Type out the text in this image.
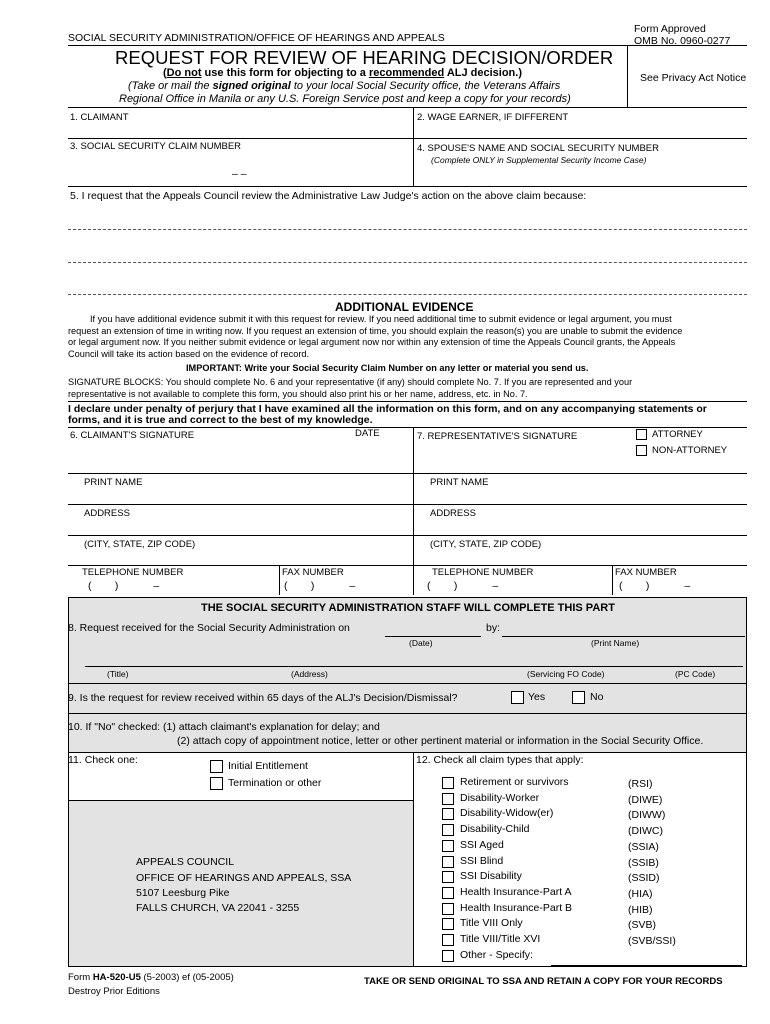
SOCIAL SECURITY ADMINISTRATION/OFFICE OF HEARINGS AND APPEALS
Form Approved
OMB No. 0960-0277
REQUEST FOR REVIEW OF HEARING DECISION/ORDER
(Do not use this form for objecting to a recommended ALJ decision.)
(Take or mail the signed original to your local Social Security office, the Veterans Affairs
Regional Office in Manila or any U.S. Foreign Service post and keep a copy for your records)
See Privacy Act Notice
1. CLAIMANT	2. WAGE EARNER, IF DIFFERENT
3. SOCIAL SECURITY CLAIM NUMBER
– –
4. SPOUSE'S NAME AND SOCIAL SECURITY NUMBER
(Complete ONLY in Supplemental Security Income Case)
5. I request that the Appeals Council review the Administrative Law Judge's action on the above claim because:
ADDITIONAL EVIDENCE
If you have additional evidence submit it with this request for review. If you need additional time to submit evidence or legal argument, you must
request an extension of time in writing now. If you request an extension of time, you should explain the reason(s) you are unable to submit the evidence
or legal argument now. If you neither submit evidence or legal argument now nor within any extension of time the Appeals Council grants, the Appeals
Council will take its action based on the evidence of record.
IMPORTANT: Write your Social Security Claim Number on any letter or material you send us.
SIGNATURE BLOCKS: You should complete No. 6 and your representative (if any) should complete No. 7. If you are represented and your
representative is not available to complete this form, you should also print his or her name, address, etc. in No. 7.
I declare under penalty of perjury that I have examined all the information on this form, and on any accompanying statements or
forms, and it is true and correct to the best of my knowledge.
6. CLAIMANT'S SIGNATURE	DATE	7. REPRESENTATIVE'S SIGNATURE	ATTORNEY
NON-ATTORNEY
PRINT NAME	PRINT NAME
ADDRESS	ADDRESS
(CITY, STATE, ZIP CODE)	(CITY, STATE, ZIP CODE)
TELEPHONE NUMBER	FAX NUMBER	TELEPHONE NUMBER	FAX NUMBER
(        )            –	(        )            –	(        )            –	(        )            –
THE SOCIAL SECURITY ADMINISTRATION STAFF WILL COMPLETE THIS PART
8. Request received for the Social Security Administration on	by:
(Date)	(Print Name)
(Title)	(Address)	(Servicing FO Code)	(PC Code)
9. Is the request for review received within 65 days of the ALJ's Decision/Dismissal?	Yes	No
10. If "No" checked: (1) attach claimant's explanation for delay; and
(2) attach copy of appointment notice, letter or other pertinent material or information in the Social Security Office.
11. Check one:	Initial Entitlement
Termination or other
12. Check all claim types that apply:
Retirement or survivors	(RSI)
Disability-Worker	(DIWE)
Disability-Widow(er)	(DIWW)
Disability-Child	(DIWC)
SSI Aged	(SSIA)
SSI Blind	(SSIB)
SSI Disability	(SSID)
Health Insurance-Part A	(HIA)
Health Insurance-Part B	(HIB)
Title VIII Only	(SVB)
Title VIII/Title XVI	(SVB/SSI)
Other - Specify:
APPEALS COUNCIL
OFFICE OF HEARINGS AND APPEALS, SSA
5107 Leesburg Pike
FALLS CHURCH, VA 22041 - 3255
Form HA-520-U5 (5-2003) ef (05-2005)
Destroy Prior Editions
TAKE OR SEND ORIGINAL TO SSA AND RETAIN A COPY FOR YOUR RECORDS
